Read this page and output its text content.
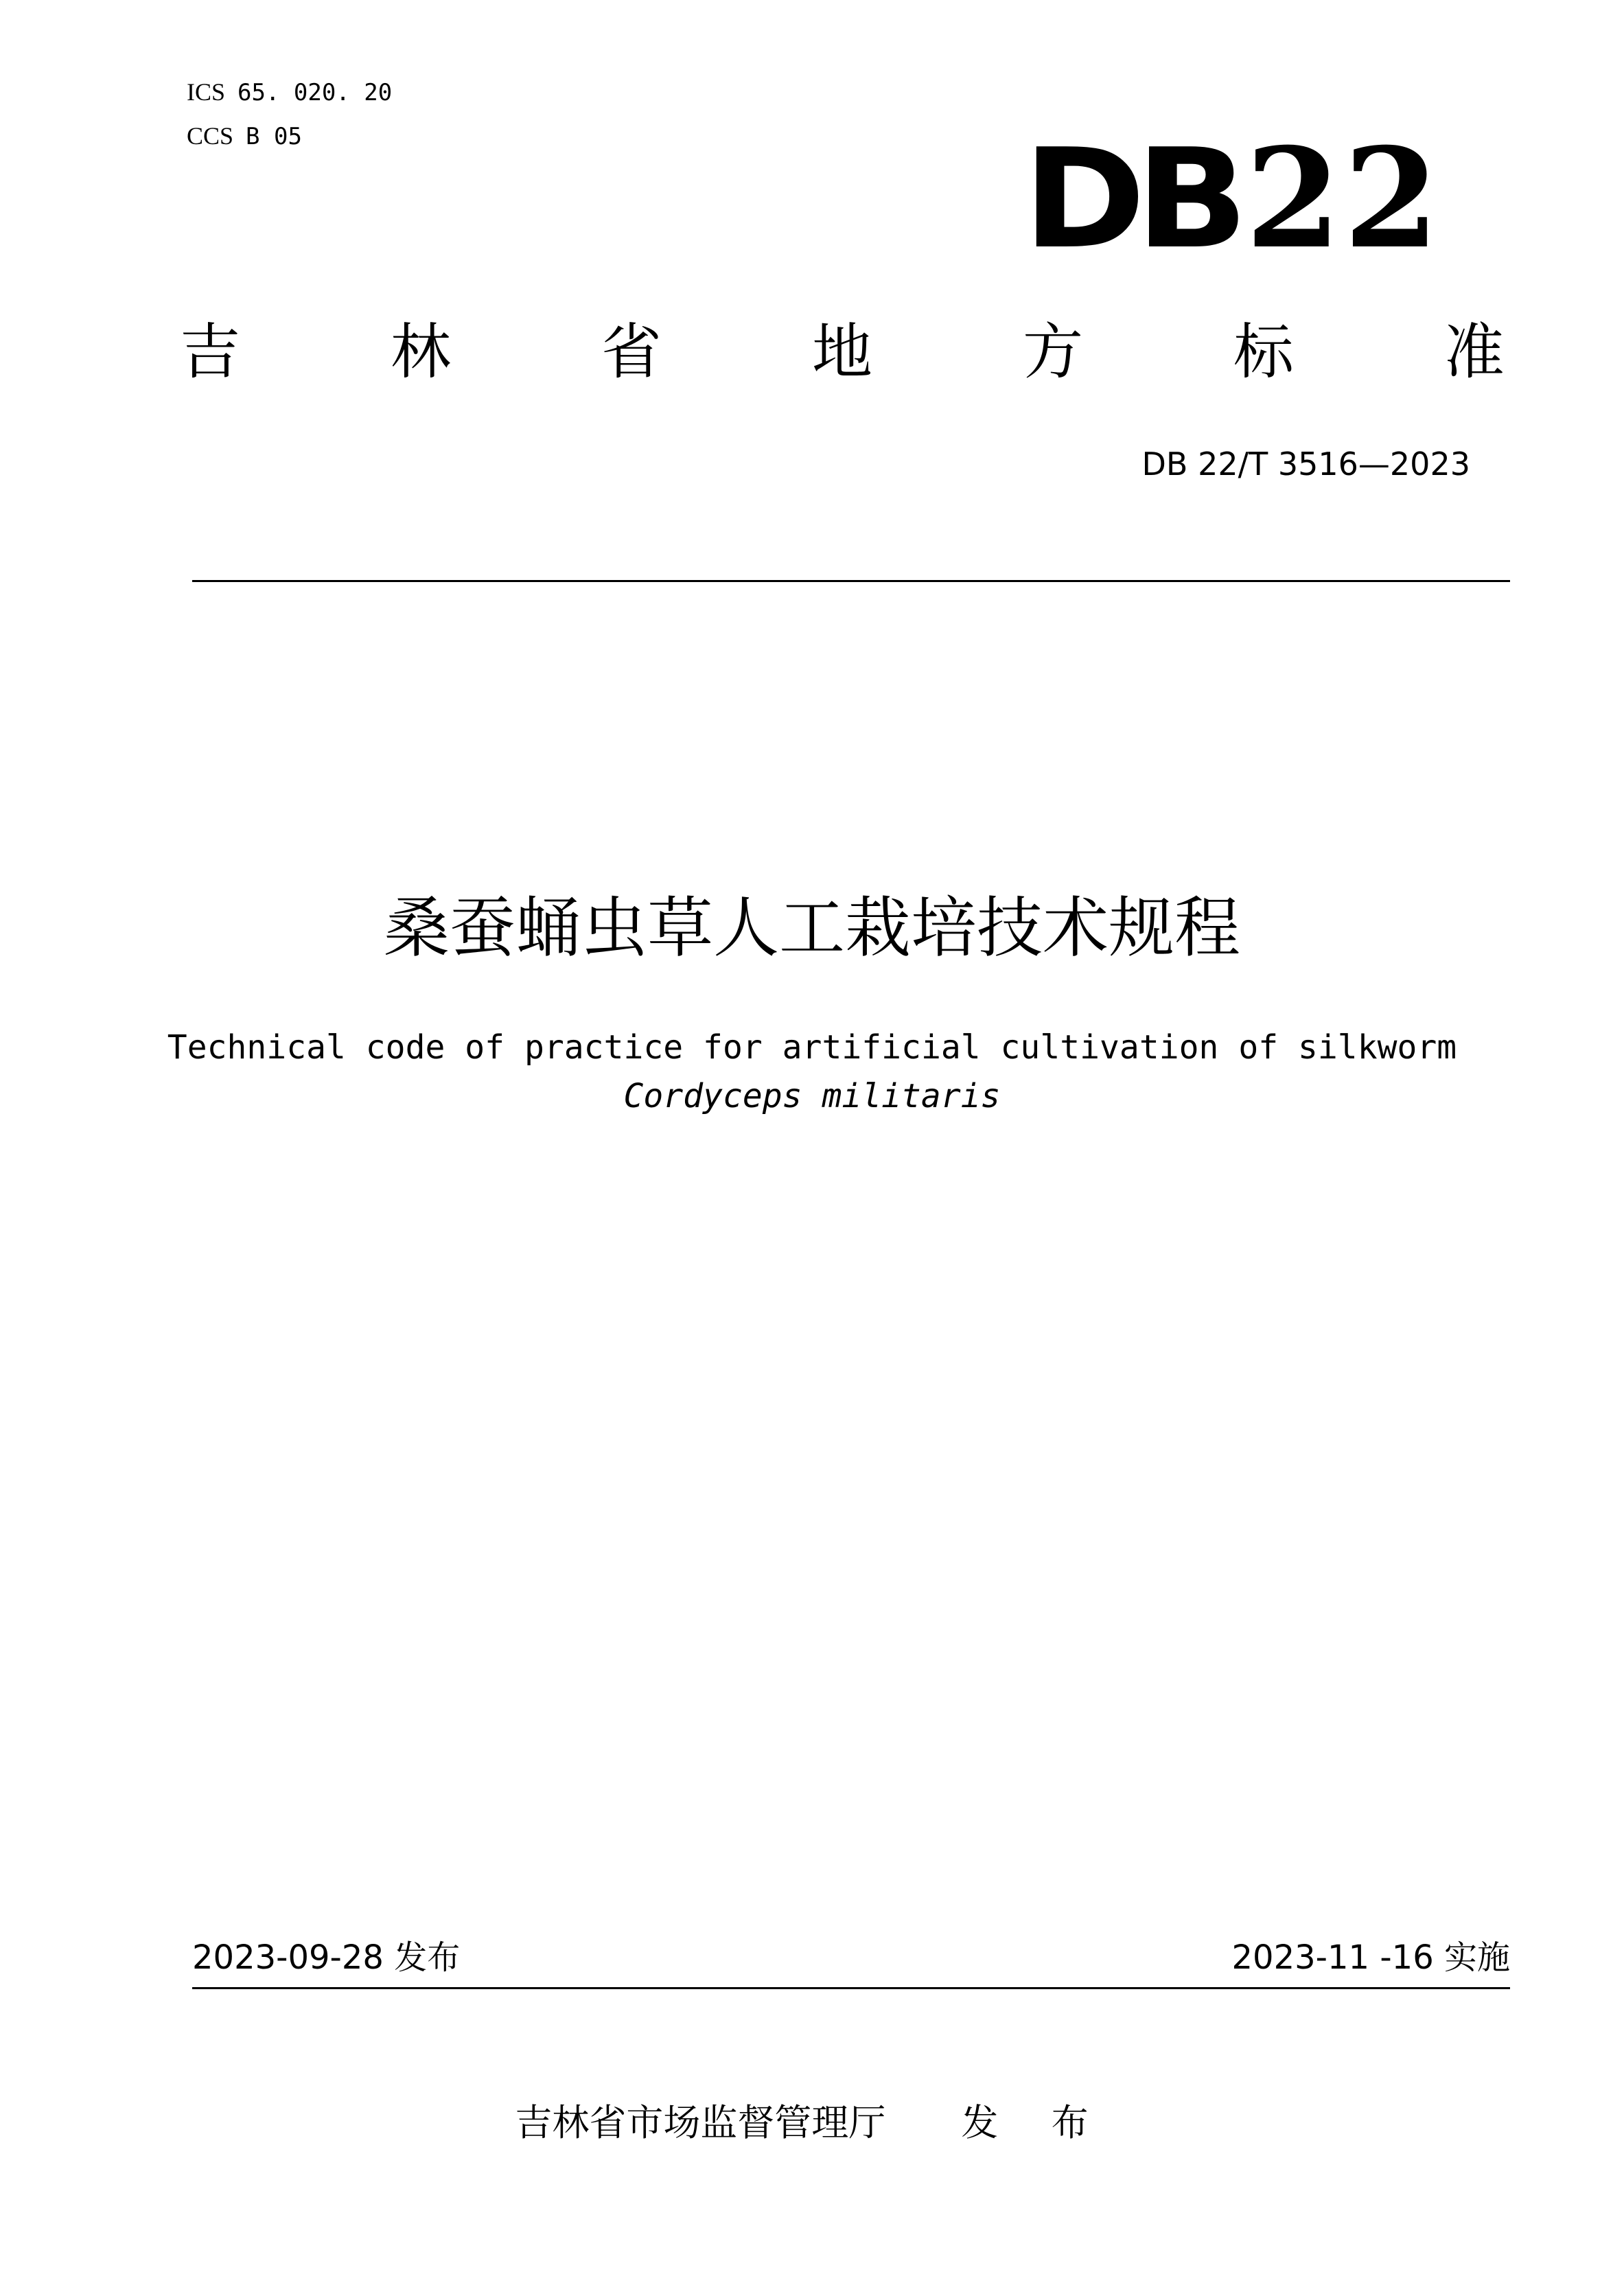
ICS 65. 020. 20
CCS B 05	DB22
吉 林 省 地 方 标 准
DB 22/T 3516—2023
桑蚕蛹虫草人工栽培技术规程
Technical code of practice for artificial cultivation of silkworm
Cordyceps militaris
2023-09-28 发布	2023-11 -16 实施
吉林省市场监督管理厅 发 布
